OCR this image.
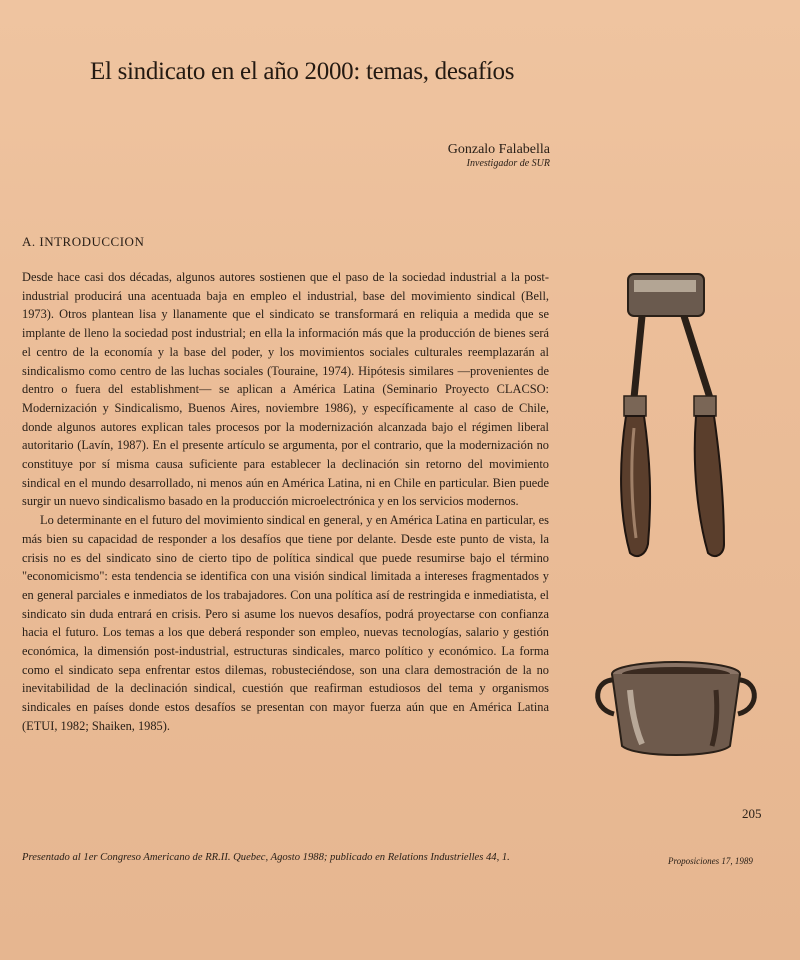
El sindicato en el año 2000: temas, desafíos
Gonzalo Falabella
Investigador de SUR
A. INTRODUCCION

Desde hace casi dos décadas, algunos autores sostienen que el paso de la sociedad industrial a la post-industrial producirá una acentuada baja en empleo el industrial, base del movimiento sindical (Bell, 1973). Otros plantean lisa y llanamente que el sindicato se transformará en reliquia a medida que se implante de lleno la sociedad post industrial; en ella la información más que la producción de bienes será el centro de la economía y la base del poder, y los movimientos sociales culturales reemplazarán al sindicalismo como centro de las luchas sociales (Touraine, 1974). Hipótesis similares —provenientes de dentro o fuera del establishment— se aplican a América Latina (Seminario Proyecto CLACSO: Modernización y Sindicalismo, Buenos Aires, noviembre 1986), y específicamente al caso de Chile, donde algunos autores explican tales procesos por la modernización alcanzada bajo el régimen liberal autoritario (Lavín, 1987). En el presente artículo se argumenta, por el contrario, que la modernización no constituye por sí misma causa suficiente para establecer la declinación sin retorno del movimiento sindical en el mundo desarrollado, ni menos aún en América Latina, ni en Chile en particular. Bien puede surgir un nuevo sindicalismo basado en la producción microelectrónica y en los servicios modernos.

Lo determinante en el futuro del movimiento sindical en general, y en América Latina en particular, es más bien su capacidad de responder a los desafíos que tiene por delante. Desde este punto de vista, la crisis no es del sindicato sino de cierto tipo de política sindical que puede resumirse bajo el término "economicismo": esta tendencia se identifica con una visión sindical limitada a intereses fragmentados y en general parciales e inmediatos de los trabajadores. Con una política así de restringida e inmediatista, el sindicato sin duda entrará en crisis. Pero si asume los nuevos desafíos, podrá proyectarse con confianza hacia el futuro. Los temas a los que deberá responder son empleo, nuevas tecnologías, salario y gestión económica, la dimensión post-industrial, estructuras sindicales, marco político y económico. La forma como el sindicato sepa enfrentar estos dilemas, robusteciéndose, son una clara demostración de la no inevitabilidad de la declinación sindical, cuestión que reafirman estudiosos del tema y organismos sindicales en países donde estos desafíos se presentan con mayor fuerza aún que en América Latina (ETUI, 1982; Shaiken, 1985).

Presentado al 1er Congreso Americano de RR.II. Quebec, Agosto 1988; publicado en Relations Industrielles 44, 1.
205
Proposiciones 17, 1989
